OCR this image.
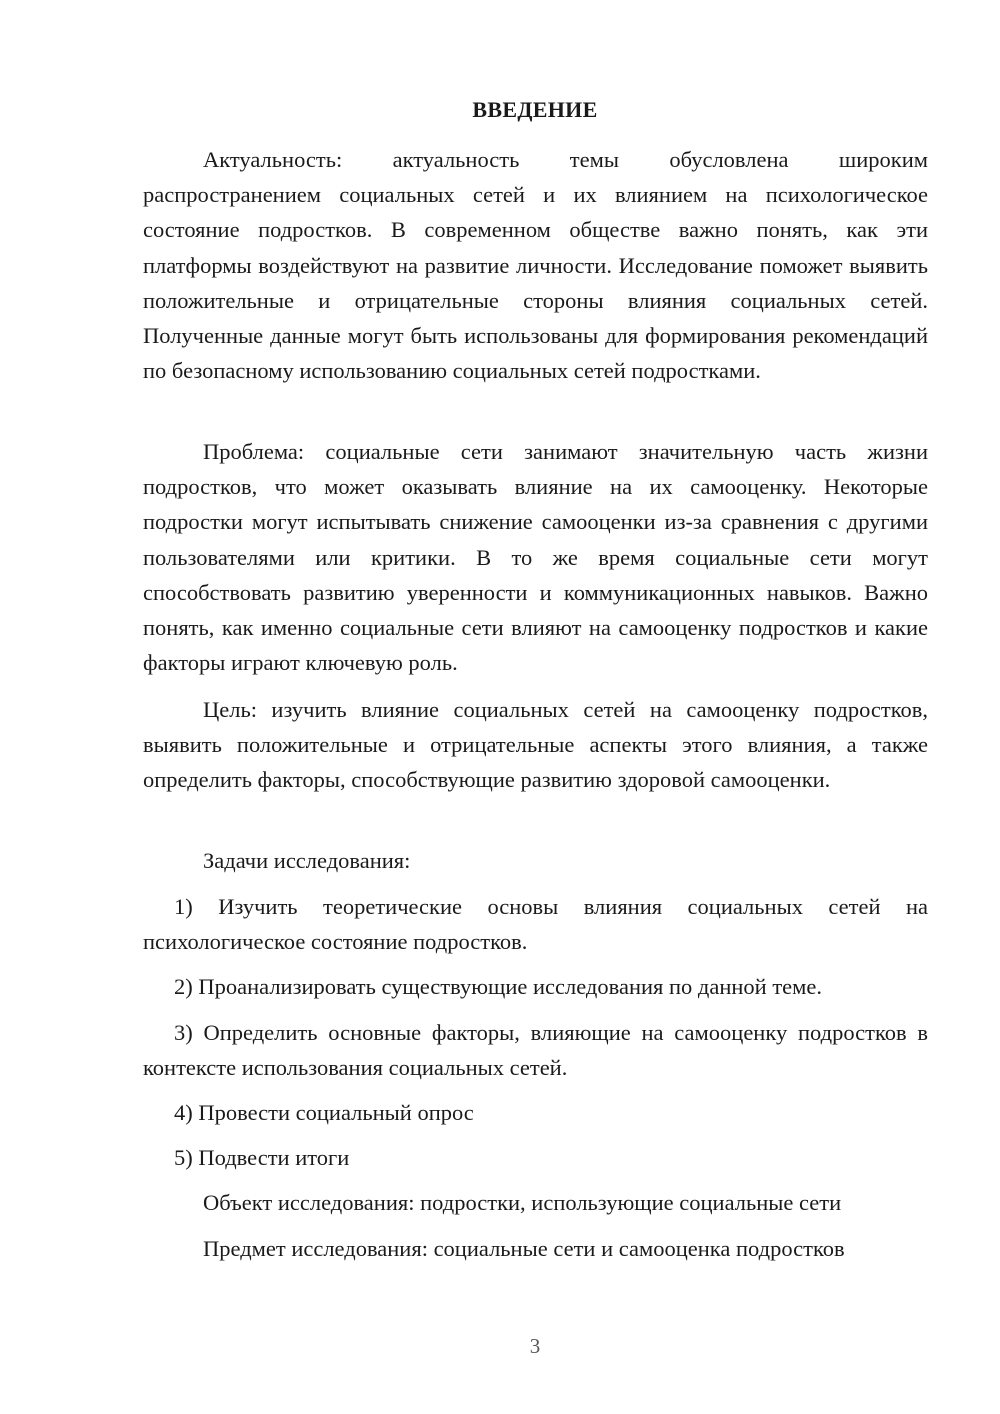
ВВЕДЕНИЕ

Актуальность: актуальность темы обусловлена широким распространением социальных сетей и их влиянием на психологическое состояние подростков. В современном обществе важно понять, как эти платформы воздействуют на развитие личности. Исследование поможет выявить положительные и отрицательные стороны влияния социальных сетей. Полученные данные могут быть использованы для формирования рекомендаций по безопасному использованию социальных сетей подростками.

Проблема: социальные сети занимают значительную часть жизни подростков, что может оказывать влияние на их самооценку. Некоторые подростки могут испытывать снижение самооценки из-за сравнения с другими пользователями или критики. В то же время социальные сети могут способствовать развитию уверенности и коммуникационных навыков. Важно понять, как именно социальные сети влияют на самооценку подростков и какие факторы играют ключевую роль.

Цель: изучить влияние социальных сетей на самооценку подростков, выявить положительные и отрицательные аспекты этого влияния, а также определить факторы, способствующие развитию здоровой самооценки.

Задачи исследования:

1) Изучить теоретические основы влияния социальных сетей на психологическое состояние подростков.

2) Проанализировать существующие исследования по данной теме.

3) Определить основные факторы, влияющие на самооценку подростков в контексте использования социальных сетей.

4) Провести социальный опрос

5) Подвести итоги

Объект исследования: подростки, использующие социальные сети

Предмет исследования: социальные сети и самооценка подростков

3
